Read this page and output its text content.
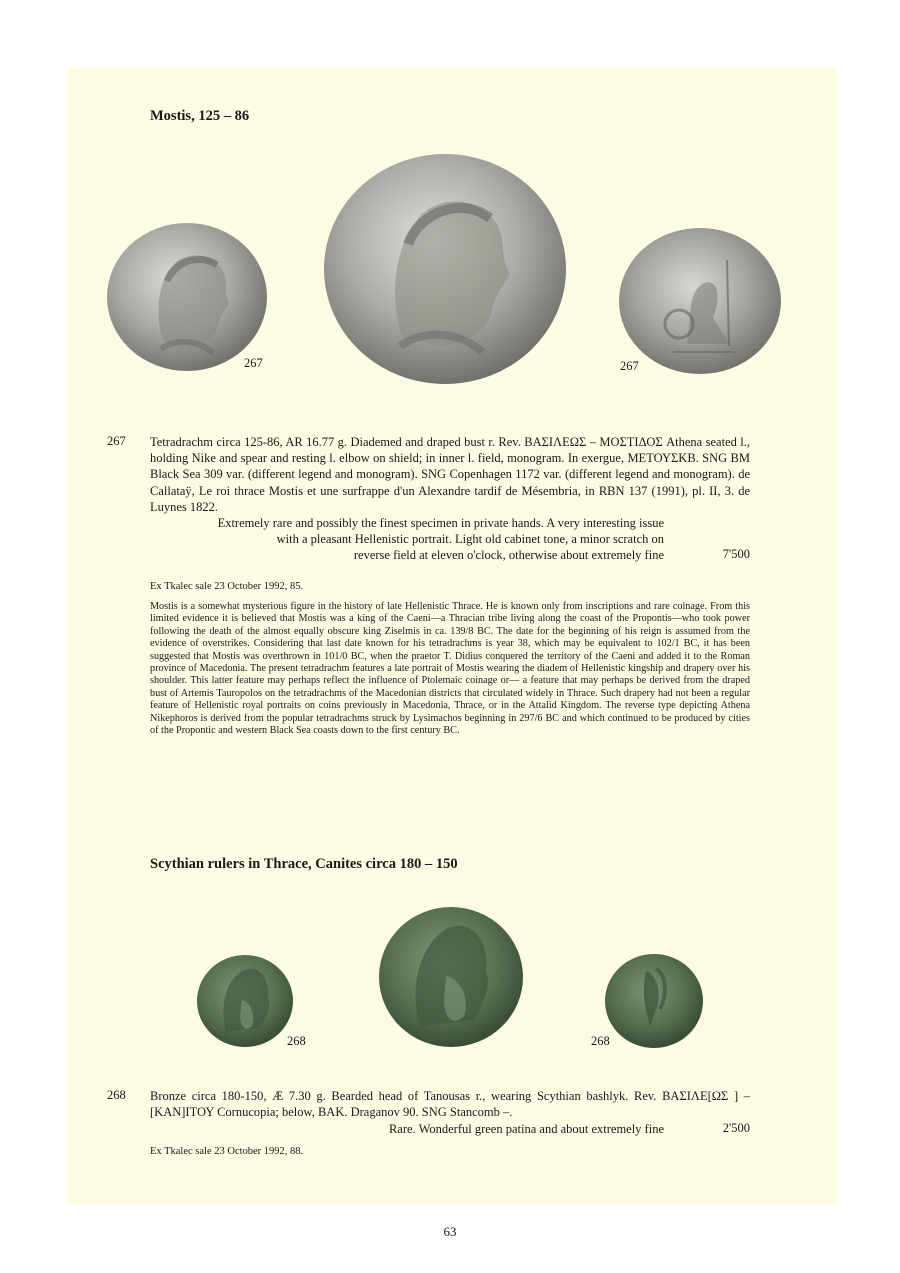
Mostis, 125 – 86
267	267
267 Tetradrachm circa 125-86, AR 16.77 g. Diademed and draped bust r. Rev. ΒΑΣΙΛΕΩΣ – ΜΟΣΤΙΔΟΣ Athena seated l., holding Nike and spear and resting l. elbow on shield; in inner l. field, monogram. In exergue, ΜΕΤΟΥΣΚΒ. SNG BM Black Sea 309 var. (different legend and monogram). SNG Copenhagen 1172 var. (different legend and monogram). de Callataÿ, Le roi thrace Mostis et une surfrappe d'un Alexandre tardif de Mésembria, in RBN 137 (1991), pl. II, 3. de Luynes 1822.
Extremely rare and possibly the finest specimen in private hands. A very interesting issue
with a pleasant Hellenistic portrait. Light old cabinet tone, a minor scratch on
reverse field at eleven o'clock, otherwise about extremely fine	7'500
Ex Tkalec sale 23 October 1992, 85.
Mostis is a somewhat mysterious figure in the history of late Hellenistic Thrace. He is known only from inscriptions and rare coinage. From this limited evidence it is believed that Mostis was a king of the Caeni—a Thracian tribe living along the coast of the Propontis—who took power following the death of the almost equally obscure king Ziselmis in ca. 139/8 BC. The date for the beginning of his reign is assumed from the evidence of overstrikes. Considering that last date known for his tetradrachms is year 38, which may be equivalent to 102/1 BC, it has been suggested that Mostis was overthrown in 101/0 BC, when the praetor T. Didius conquered the territory of the Caeni and added it to the Roman province of Macedonia. The present tetradrachm features a late portrait of Mostis wearing the diadem of Hellenistic kingship and drapery over his shoulder. This latter feature may perhaps reflect the influence of Ptolemaic coinage or— a feature that may perhaps be derived from the draped bust of Artemis Tauropolos on the tetradrachms of the Macedonian districts that circulated widely in Thrace. Such drapery had not been a regular feature of Hellenistic royal portraits on coins previously in Macedonia, Thrace, or in the Attalid Kingdom. The reverse type depicting Athena Nikephoros is derived from the popular tetradrachms struck by Lysimachos beginning in 297/6 BC and which continued to be produced by cities of the Propontic and western Black Sea coasts down to the first century BC.
Scythian rulers in Thrace, Canites circa 180 – 150
268	268
268 Bronze circa 180-150, Æ 7.30 g. Bearded head of Tanousas r., wearing Scythian bashlyk. Rev. ΒΑΣΙΛΕ[ΩΣ ] –[ΚΑΝ]ΙΤΟΥ Cornucopia; below, ΒΑΚ. Draganov 90. SNG Stancomb –.
Rare. Wonderful green patina and about extremely fine	2'500
Ex Tkalec sale 23 October 1992, 88.
63
